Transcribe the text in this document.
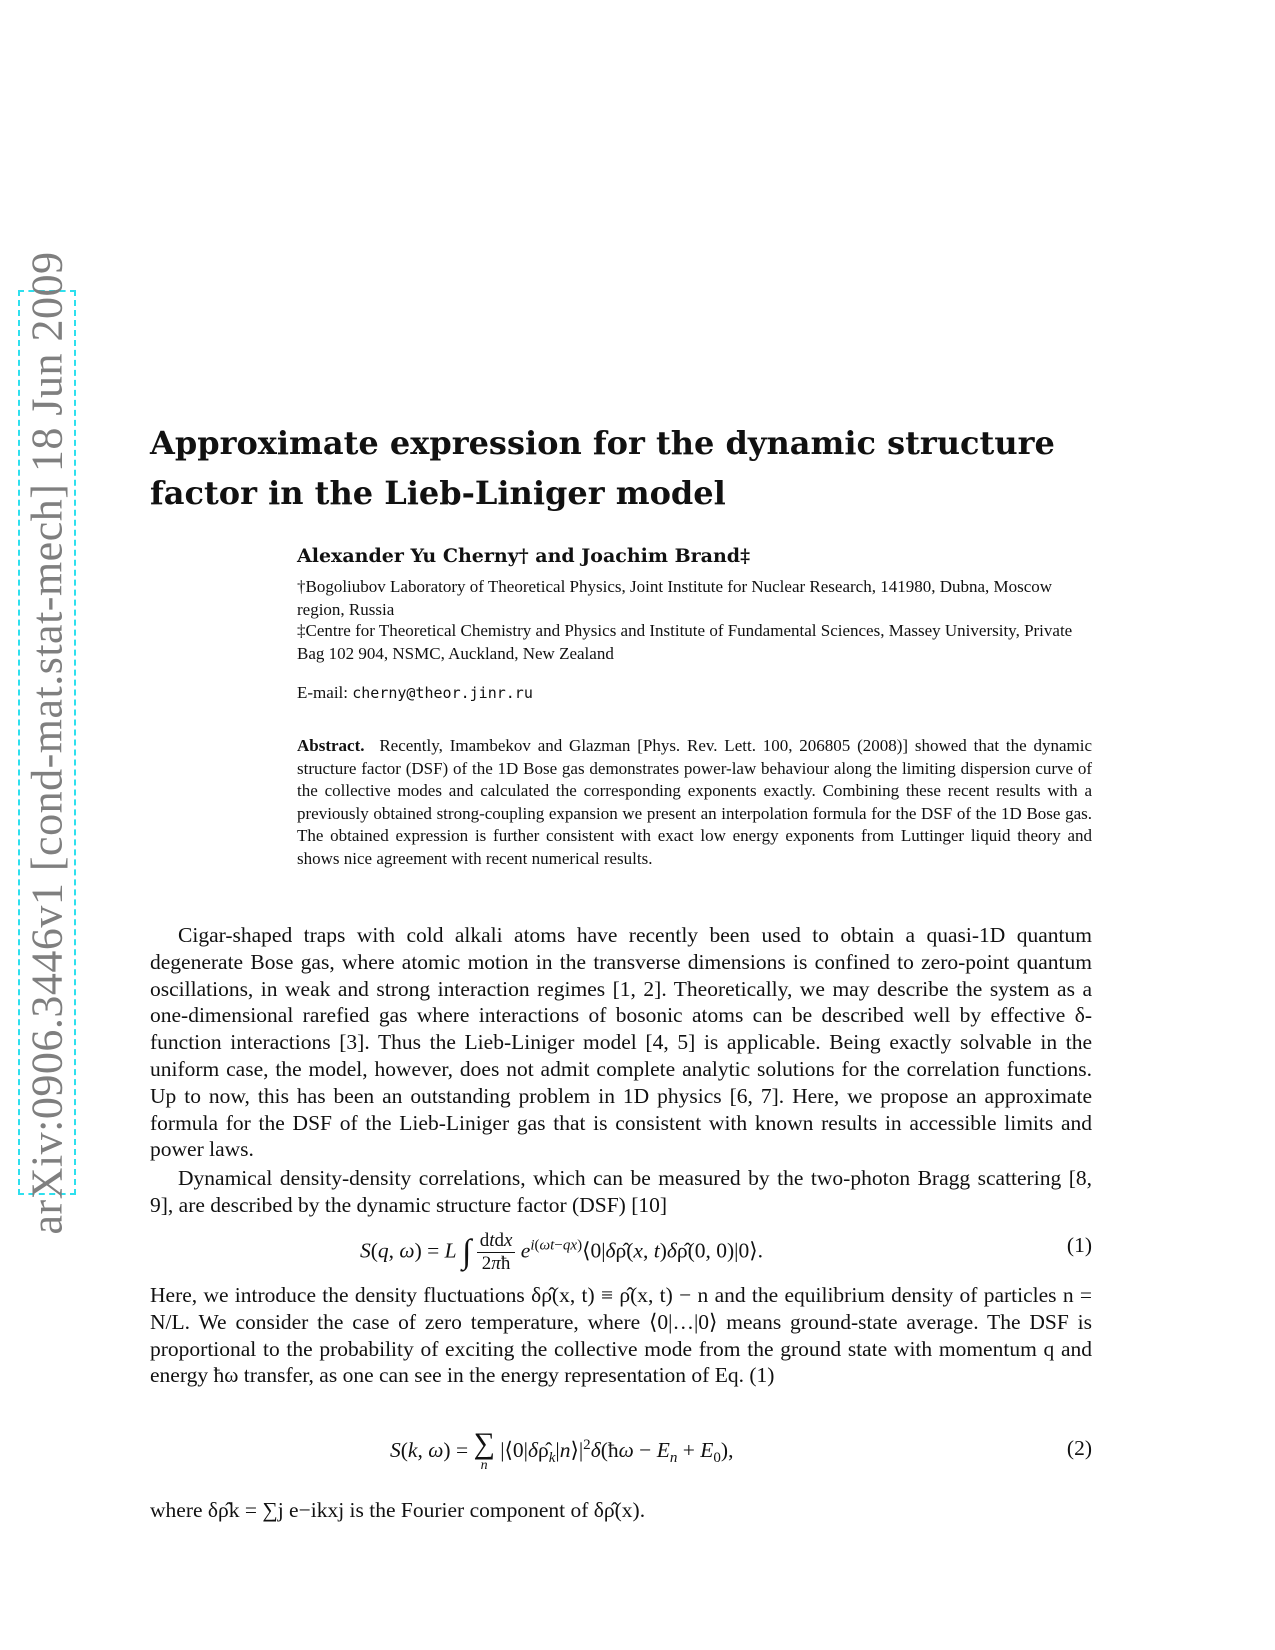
arXiv:0906.3446v1 [cond-mat.stat-mech] 18 Jun 2009 Approximate expression for the dynamic structure factor in the Lieb-Liniger model
Alexander Yu Cherny† and Joachim Brand‡
†Bogoliubov Laboratory of Theoretical Physics, Joint Institute for Nuclear Research, 141980, Dubna, Moscow region, Russia
‡Centre for Theoretical Chemistry and Physics and Institute of Fundamental Sciences, Massey University, Private Bag 102 904, NSMC, Auckland, New Zealand
E-mail: cherny@theor.jinr.ru
Abstract. Recently, Imambekov and Glazman [Phys. Rev. Lett. 100, 206805 (2008)] showed that the dynamic structure factor (DSF) of the 1D Bose gas demonstrates power-law behaviour along the limiting dispersion curve of the collective modes and calculated the corresponding exponents exactly. Combining these recent results with a previously obtained strong-coupling expansion we present an interpolation formula for the DSF of the 1D Bose gas. The obtained expression is further consistent with exact low energy exponents from Luttinger liquid theory and shows nice agreement with recent numerical results.
Cigar-shaped traps with cold alkali atoms have recently been used to obtain a quasi-1D quantum degenerate Bose gas, where atomic motion in the transverse dimensions is confined to zero-point quantum oscillations, in weak and strong interaction regimes [1, 2]. Theoretically, we may describe the system as a one-dimensional rarefied gas where interactions of bosonic atoms can be described well by effective δ-function interactions [3]. Thus the Lieb-Liniger model [4, 5] is applicable. Being exactly solvable in the uniform case, the model, however, does not admit complete analytic solutions for the correlation functions. Up to now, this has been an outstanding problem in 1D physics [6, 7]. Here, we propose an approximate formula for the DSF of the Lieb-Liniger gas that is consistent with known results in accessible limits and power laws.
Dynamical density-density correlations, which can be measured by the two-photon Bragg scattering [8, 9], are described by the dynamic structure factor (DSF) [10]
S(q, ω) = L ∫ $\frac{\text{dtdx}}{2\pi ħ}$ $e^{i(\omega t-qx)}⟨0|\delta\rhô(x$, t)δρ̂(0, 0)|0⟩.	(1)
Here, we introduce the density fluctuations δρ̂(x, t) ≡ ρ̂(x, t) − n and the equilibrium density of particles n = N/L. We consider the case of zero temperature, where ⟨0|…|0⟩ means ground-state average. The DSF is proportional to the probability of exciting the collective mode from the ground state with momentum q and energy ħω transfer, as one can see in the energy representation of Eq. (1)
S(k, ω) = ∑
n
$|⟨0|\delta\rhô_k|n⟩|^2\delta(ħ\omega - E_n + E_0)$,	(2)
where δρ̂k = ∑j e−ikxj is the Fourier component of δρ̂(x).
